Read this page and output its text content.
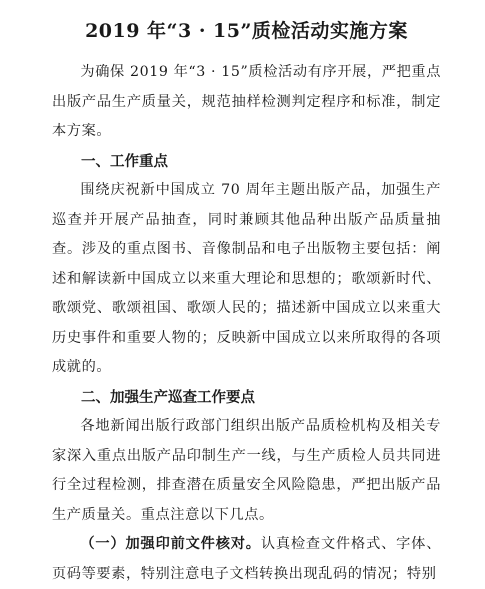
2019 年“3 · 15”质检活动实施方案

为确保 2019 年“3 · 15”质检活动有序开展，严把重点出版产品生产质量关，规范抽样检测判定程序和标准，制定本方案。

一、工作重点

围绕庆祝新中国成立 70 周年主题出版产品，加强生产巡查并开展产品抽查，同时兼顾其他品种出版产品质量抽查。涉及的重点图书、音像制品和电子出版物主要包括：阐述和解读新中国成立以来重大理论和思想的；歌颂新时代、歌颂党、歌颂祖国、歌颂人民的；描述新中国成立以来重大历史事件和重要人物的；反映新中国成立以来所取得的各项成就的。

二、加强生产巡查工作要点

各地新闻出版行政部门组织出版产品质检机构及相关专家深入重点出版产品印制生产一线，与生产质检人员共同进行全过程检测，排查潜在质量安全风险隐患，严把出版产品生产质量关。重点注意以下几点。

（一）加强印前文件核对。认真检查文件格式、字体、页码等要素，特别注意电子文档转换出现乱码的情况；特别
